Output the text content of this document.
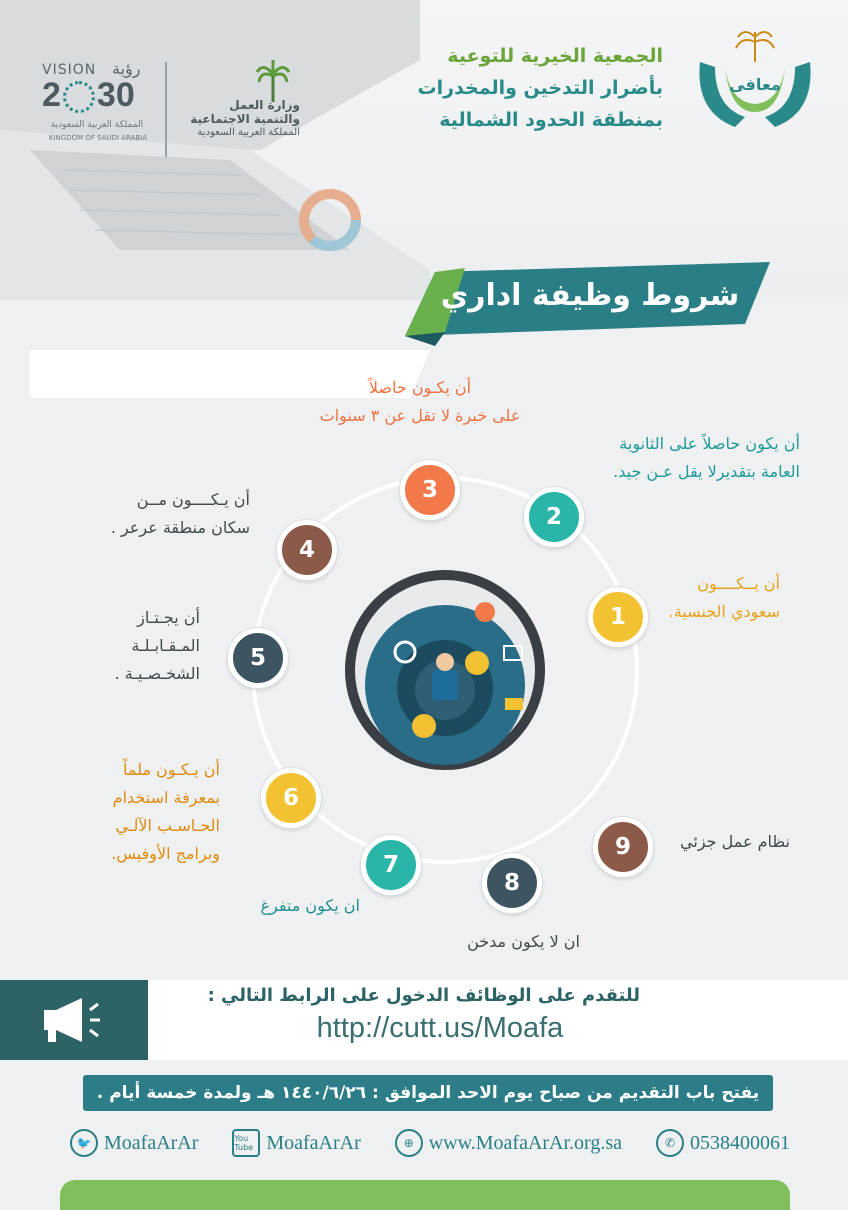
معافى
الجمعية الخيرية للتوعية
بأضرار التدخين والمخدرات
بمنطقة الحدود الشمالية
VISION رؤية
2 30
المملكة العربية السعودية
KINGDOM OF SAUDI ARABIA
وزارة العمل
والتنمية الاجتماعية
المملكة العربية السعودية
شروط وظيفة اداري
1
2
3
4
5
6
7
8
9
أن يــكــــون
سعودي الجنسية.
أن يكون حاصلاً على الثانوية
العامة بتقديرلا يقل عـن جيد.
أن يكـون حاصلاً
على خبرة لا تقل عن ٣ سنوات
أن يـكــــون مــن
سكان منطقة عرعر .
أن يجـتـاز
المـقـابـلـة
الشخـصـيـة .
أن يـكـون ملماً
بمعرفة استخدام
الحـاسـب الآلـي
وبرامج الأوفيس.
ان يكون متفرغ
ان لا يكون مدخن
نظام عمل جزئي
للتقدم على الوظائف الدخول على الرابط التالي :
http://cutt.us/Moafa
يفتح باب التقديم من صباح يوم الاحد الموافق : ١٤٤٠/٦/٢٦ هـ ولمدة خمسة أيام .
🐦 MoafaArAr	You Tube MoafaArAr	⊕ www.MoafaArAr.org.sa	✆ 0538400061
